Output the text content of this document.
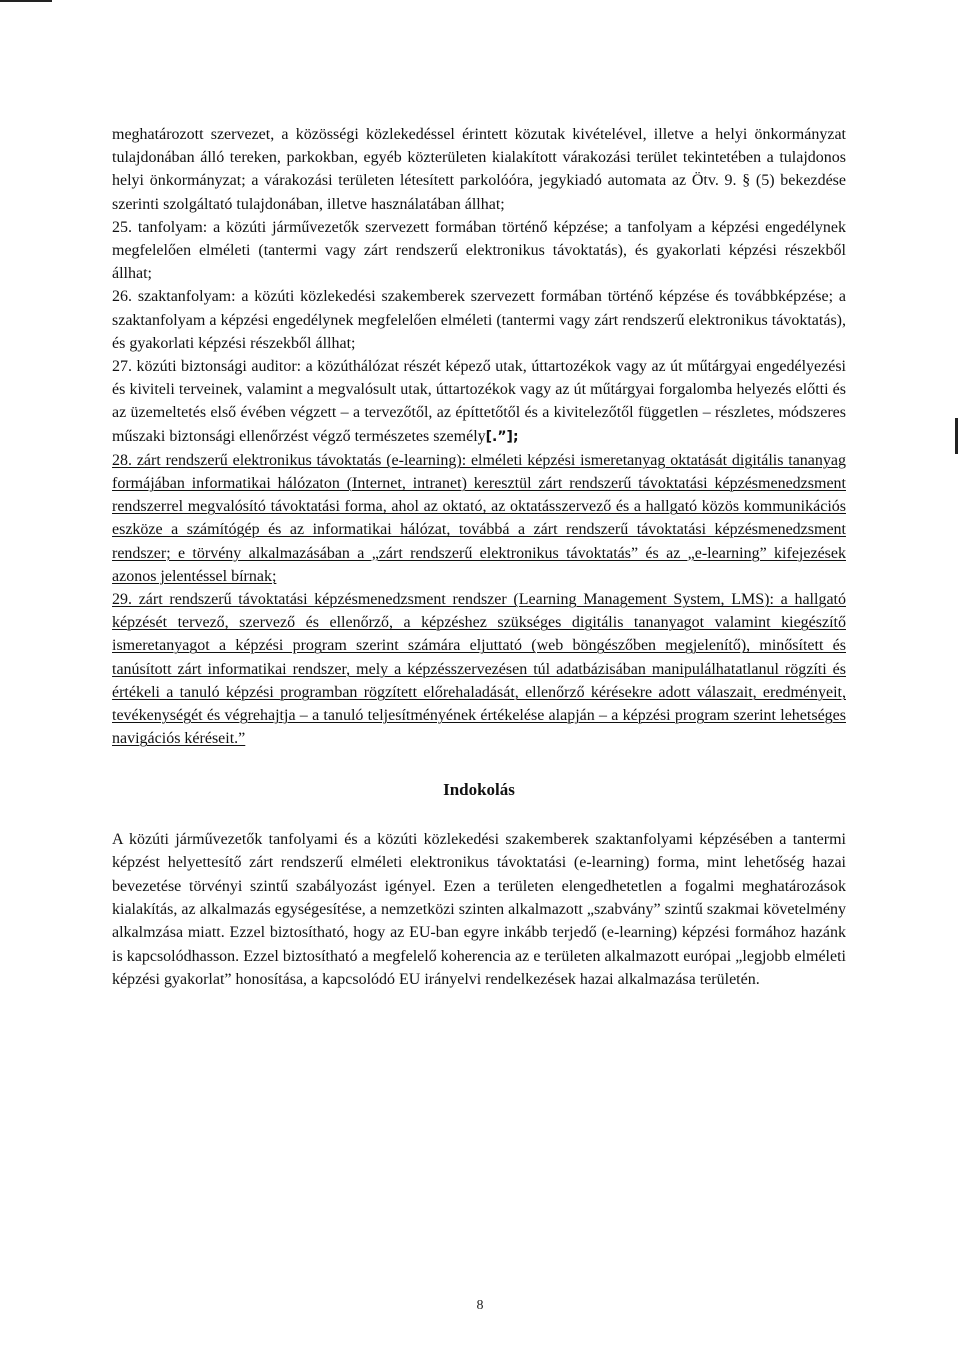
meghatározott szervezet, a közösségi közlekedéssel érintett közutak kivételével, illetve a helyi önkormányzat tulajdonában álló tereken, parkokban, egyéb közterületen kialakított várakozási terület tekintetében a tulajdonos helyi önkormányzat; a várakozási területen létesített parkolóóra, jegykiadó automata az Ötv. 9. § (5) bekezdése szerinti szolgáltató tulajdonában, illetve használatában állhat;

25. tanfolyam: a közúti járművezetők szervezett formában történő képzése; a tanfolyam a képzési engedélynek megfelelően elméleti (tantermi vagy zárt rendszerű elektronikus távoktatás), és gyakorlati képzési részekből állhat;

26. szaktanfolyam: a közúti közlekedési szakemberek szervezett formában történő képzése és továbbképzése; a szaktanfolyam a képzési engedélynek megfelelően elméleti (tantermi vagy zárt rendszerű elektronikus távoktatás), és gyakorlati képzési részekből állhat;

27. közúti biztonsági auditor: a közúthálózat részét képező utak, úttartozékok vagy az út műtárgyai engedélyezési és kiviteli terveinek, valamint a megvalósult utak, úttartozékok vagy az út műtárgyai forgalomba helyezés előtti és az üzemeltetés első évében végzett – a tervezőtől, az építtetőtől és a kivitelezőtől független – részletes, módszeres műszaki biztonsági ellenőrzést végző természetes személy[.”];

28. zárt rendszerű elektronikus távoktatás (e-learning): elméleti képzési ismeretanyag oktatását digitális tananyag formájában informatikai hálózaton (Internet, intranet) keresztül zárt rendszerű távoktatási képzésmenedzsment rendszerrel megvalósító távoktatási forma, ahol az oktató, az oktatásszervező és a hallgató közös kommunikációs eszköze a számítógép és az informatikai hálózat, továbbá a zárt rendszerű távoktatási képzésmenedzsment rendszer; e törvény alkalmazásában a „zárt rendszerű elektronikus távoktatás” és az „e-learning” kifejezések azonos jelentéssel bírnak;

29. zárt rendszerű távoktatási képzésmenedzsment rendszer (Learning Management System, LMS): a hallgató képzését tervező, szervező és ellenőrző, a képzéshez szükséges digitális tananyagot valamint kiegészítő ismeretanyagot a képzési program szerint számára eljuttató (web böngészőben megjelenítő), minősített és tanúsított zárt informatikai rendszer, mely a képzésszervezésen túl adatbázisában manipulálhatatlanul rögzíti és értékeli a tanuló képzési programban rögzített előrehaladását, ellenőrző kérésekre adott válaszait, eredményeit, tevékenységét és végrehajtja – a tanuló teljesítményének értékelése alapján – a képzési program szerint lehetséges navigációs kéréseit.”

Indokolás

A közúti járművezetők tanfolyami és a közúti közlekedési szakemberek szaktanfolyami képzésében a tantermi képzést helyettesítő zárt rendszerű elméleti elektronikus távoktatási (e-learning) forma, mint lehetőség hazai bevezetése törvényi szintű szabályozást igényel. Ezen a területen elengedhetetlen a fogalmi meghatározások kialakítás, az alkalmazás egységesítése, a nemzetközi szinten alkalmazott „szabvány” szintű szakmai követelmény alkalmzása miatt. Ezzel biztosítható, hogy az EU-ban egyre inkább terjedő (e-learning) képzési formához hazánk is kapcsolódhasson. Ezzel biztosítható a megfelelő koherencia az e területen alkalmazott európai „legjobb elméleti képzési gyakorlat” honosítása, a kapcsolódó EU irányelvi rendelkezések hazai alkalmazása területén.

8
